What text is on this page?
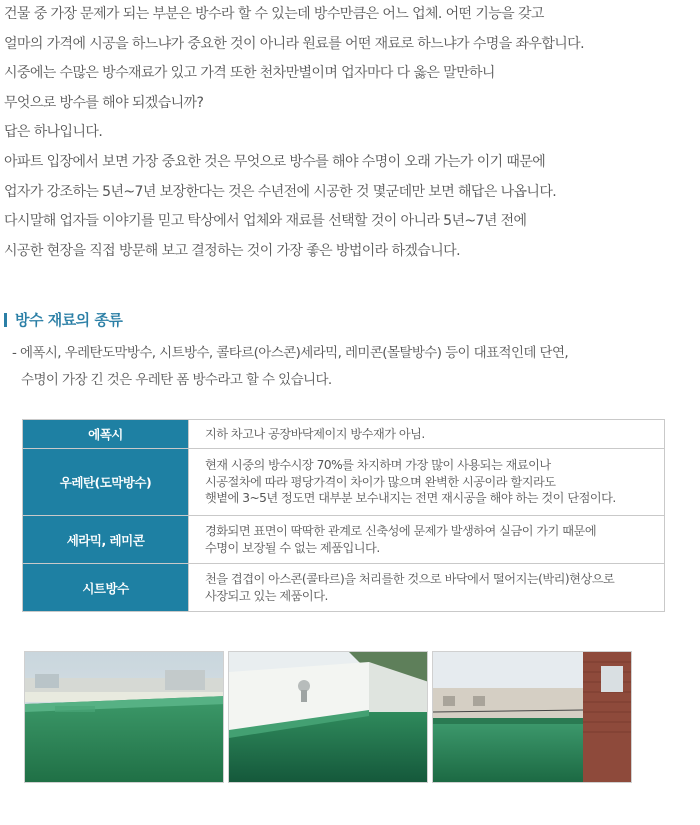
건물 중 가장 문제가 되는 부분은 방수라 할 수 있는데 방수만큼은 어느 업체. 어떤 기능을 갖고

얼마의 가격에 시공을 하느냐가 중요한 것이 아니라 원료를 어떤 재료로 하느냐가 수명을 좌우합니다.

시중에는 수많은 방수재료가 있고 가격 또한 천차만별이며 업자마다 다 옳은 말만하니

무엇으로 방수를 해야 되겠습니까?

답은 하나입니다.

아파트 입장에서 보면 가장 중요한 것은 무엇으로 방수를 해야 수명이 오래 가는가 이기 때문에

업자가 강조하는 5년~7년 보장한다는 것은 수년전에 시공한 것 몇군데만 보면 해답은 나옵니다.

다시말해 업자들 이야기를 믿고 탁상에서 업체와 재료를 선택할 것이 아니라 5년~7년 전에

시공한 현장을 직접 방문해 보고 결정하는 것이 가장 좋은 방법이라 하겠습니다.

방수 재료의 종류

- 에폭시, 우레탄도막방수, 시트방수, 콜타르(아스콘)세라믹, 레미콘(몰탈방수) 등이 대표적인데 단연,

수명이 가장 긴 것은 우레탄 폼 방수라고 할 수 있습니다.

에폭시	지하 차고나 공장바닥제이지 방수재가 아님.

우레탄(도막방수)	현재 시중의 방수시장 70%를 차지하며 가장 많이 사용되는 재료이나
시공절차에 따라 평당가격이 차이가 많으며 완벽한 시공이라 할지라도
햇볕에 3~5년 정도면 대부분 보수내지는 전면 재시공을 해야 하는 것이 단점이다.

세라믹, 레미콘	경화되면 표면이 딱딱한 관계로 신축성에 문제가 발생하여 실금이 가기 때문에
수명이 보장될 수 없는 제품입니다.

시트방수	천을 겹겹이 아스콘(콜타르)을 처리를한 것으로 바닥에서 떨어지는(박리)현상으로
사장되고 있는 제품이다.
